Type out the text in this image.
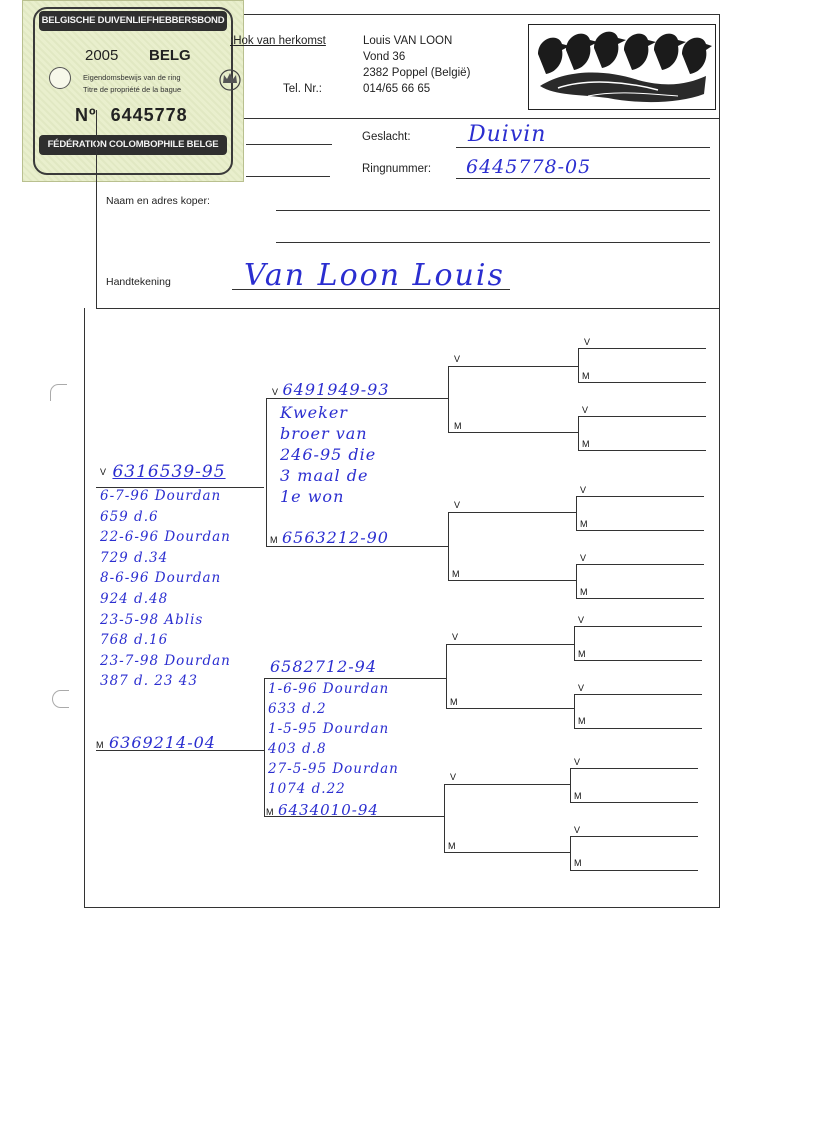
BELGISCHE DUIVENLIEFHEBBERSBOND
2005 BELG
Eigendomsbewijs van de ring
Titre de propriété de la bague
Nº 6445778
FÉDÉRATION COLOMBOPHILE BELGE
Hok van herkomst:
Tel. Nr.:
Louis VAN LOON
Vond 36
2382 Poppel (België)
014/65 66 65
Geslacht:	Duivin
Ringnummer: 6445778-05
Naam en adres koper:
Handtekening Van Loon Louis
V
M
V
M
V
M
V
M
V
M
V
M
V
M
V
M
V
M
V
M
V
M
V
M
V 6316539-95
6-7-96 Dourdan
659 d.6
22-6-96 Dourdan
729 d.34
8-6-96 Dourdan
924 d.48
23-5-98 Ablis
768 d.16
23-7-98 Dourdan
387 d. 23 43
M 6369214-04
V 6491949-93
Kweker
broer van
246-95 die
3 maal de
1e won
M 6563212-90
6582712-94
1-6-96 Dourdan
633 d.2
1-5-95 Dourdan
403 d.8
27-5-95 Dourdan
1074 d.22
M 6434010-94
